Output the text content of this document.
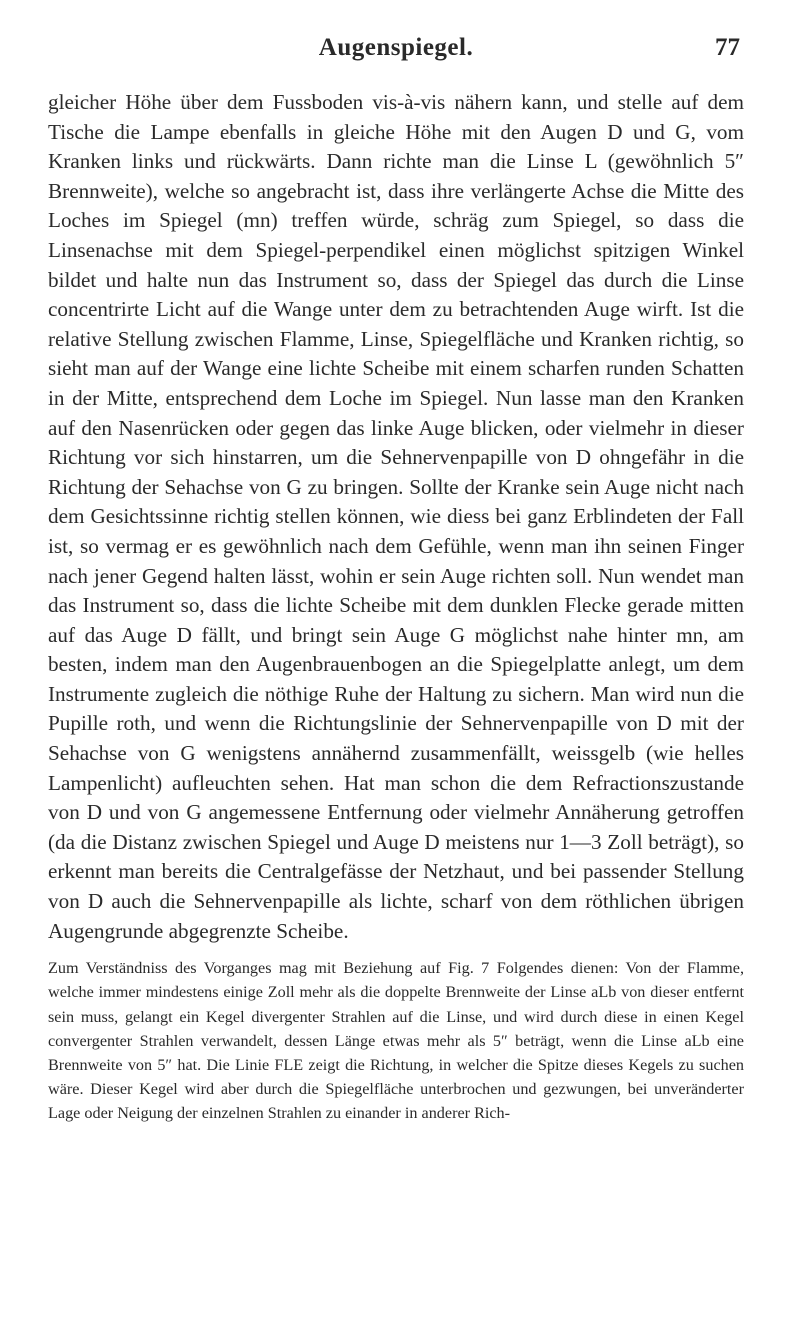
Augenspiegel.	77

gleicher Höhe über dem Fussboden vis-à-vis nähern kann, und stelle auf dem Tische die Lampe ebenfalls in gleiche Höhe mit den Augen D und G, vom Kranken links und rückwärts. Dann richte man die Linse L (gewöhnlich 5″ Brennweite), welche so angebracht ist, dass ihre verlängerte Achse die Mitte des Loches im Spiegel (mn) treffen würde, schräg zum Spiegel, so dass die Linsenachse mit dem Spiegel-perpendikel einen möglichst spitzigen Winkel bildet und halte nun das Instrument so, dass der Spiegel das durch die Linse concentrirte Licht auf die Wange unter dem zu betrachtenden Auge wirft. Ist die relative Stellung zwischen Flamme, Linse, Spiegelfläche und Kranken richtig, so sieht man auf der Wange eine lichte Scheibe mit einem scharfen runden Schatten in der Mitte, entsprechend dem Loche im Spiegel. Nun lasse man den Kranken auf den Nasenrücken oder gegen das linke Auge blicken, oder vielmehr in dieser Richtung vor sich hinstarren, um die Sehnervenpapille von D ohngefähr in die Richtung der Sehachse von G zu bringen. Sollte der Kranke sein Auge nicht nach dem Gesichtssinne richtig stellen können, wie diess bei ganz Erblindeten der Fall ist, so vermag er es gewöhnlich nach dem Gefühle, wenn man ihn seinen Finger nach jener Gegend halten lässt, wohin er sein Auge richten soll. Nun wendet man das Instrument so, dass die lichte Scheibe mit dem dunklen Flecke gerade mitten auf das Auge D fällt, und bringt sein Auge G möglichst nahe hinter mn, am besten, indem man den Augenbrauenbogen an die Spiegelplatte anlegt, um dem Instrumente zugleich die nöthige Ruhe der Haltung zu sichern. Man wird nun die Pupille roth, und wenn die Richtungslinie der Sehnervenpapille von D mit der Sehachse von G wenigstens annähernd zusammenfällt, weissgelb (wie helles Lampenlicht) aufleuchten sehen. Hat man schon die dem Refractionszustande von D und von G angemessene Entfernung oder vielmehr Annäherung getroffen (da die Distanz zwischen Spiegel und Auge D meistens nur 1—3 Zoll beträgt), so erkennt man bereits die Centralgefässe der Netzhaut, und bei passender Stellung von D auch die Sehnervenpapille als lichte, scharf von dem röthlichen übrigen Augengrunde abgegrenzte Scheibe.

Zum Verständniss des Vorganges mag mit Beziehung auf Fig. 7 Folgendes dienen: Von der Flamme, welche immer mindestens einige Zoll mehr als die doppelte Brennweite der Linse aLb von dieser entfernt sein muss, gelangt ein Kegel divergenter Strahlen auf die Linse, und wird durch diese in einen Kegel convergenter Strahlen verwandelt, dessen Länge etwas mehr als 5″ beträgt, wenn die Linse aLb eine Brennweite von 5″ hat. Die Linie FLE zeigt die Richtung, in welcher die Spitze dieses Kegels zu suchen wäre. Dieser Kegel wird aber durch die Spiegelfläche unterbrochen und gezwungen, bei unveränderter Lage oder Neigung der einzelnen Strahlen zu einander in anderer Rich-
